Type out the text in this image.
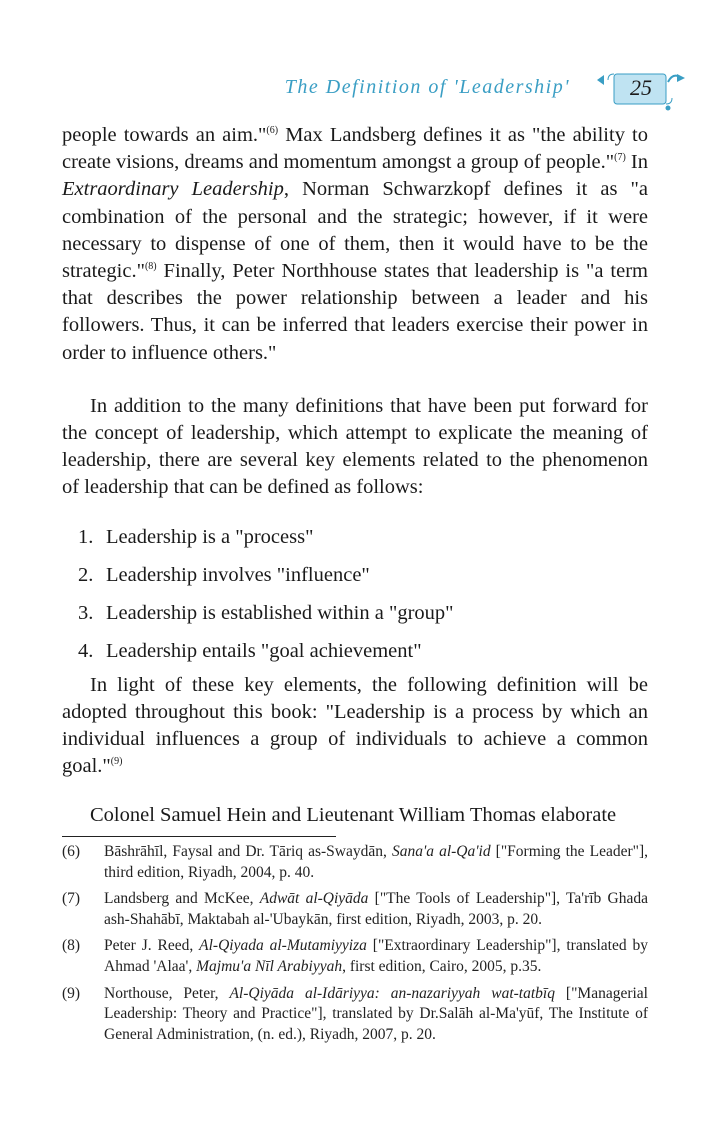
The Definition of 'Leadership'	25

people towards an aim."$^{(6)}$ Max Landsberg defines it as "the ability to create visions, dreams and momentum amongst a group of people."$^{(7)}$ In Extraordinary Leadership, Norman Schwarzkopf defines it as "a combination of the personal and the strategic; however, if it were necessary to dispense of one of them, then it would have to be the strategic."$^{(8)}$ Finally, Peter Northhouse states that leadership is "a term that describes the power relationship between a leader and his followers. Thus, it can be inferred that leaders exercise their power in order to influence others."

In addition to the many definitions that have been put forward for the concept of leadership, which attempt to explicate the meaning of leadership, there are several key elements related to the phenomenon of leadership that can be defined as follows:

1. Leadership is a "process"
2. Leadership involves "influence"
3. Leadership is established within a "group"
4. Leadership entails "goal achievement"

In light of these key elements, the following definition will be adopted throughout this book: "Leadership is a process by which an individual influences a group of individuals to achieve a common goal."$^{(9)}$

Colonel Samuel Hein and Lieutenant William Thomas elaborate

(6)	Bāshrāhīl, Faysal and Dr. Tāriq as-Swaydān, Sana'a al-Qa'id ["Forming the Leader"], third edition, Riyadh, 2004, p. 40.
(7)	Landsberg and McKee, Adwāt al-Qiyāda ["The Tools of Leadership"], Ta'rīb Ghada ash-Shahābī, Maktabah al-'Ubaykān, first edition, Riyadh, 2003, p. 20.
(8)	Peter J. Reed, Al-Qiyada al-Mutamiyyiza ["Extraordinary Leadership"], translated by Ahmad 'Alaa', Majmu'a Nīl Arabiyyah, first edition, Cairo, 2005, p.35.
(9)	Northouse, Peter, Al-Qiyāda al-Idāriyya: an-nazariyyah wat-tatbīq ["Managerial Leadership: Theory and Practice"], translated by Dr.Salāh al-Ma'yūf, The Institute of General Administration, (n. ed.), Riyadh, 2007, p. 20.
